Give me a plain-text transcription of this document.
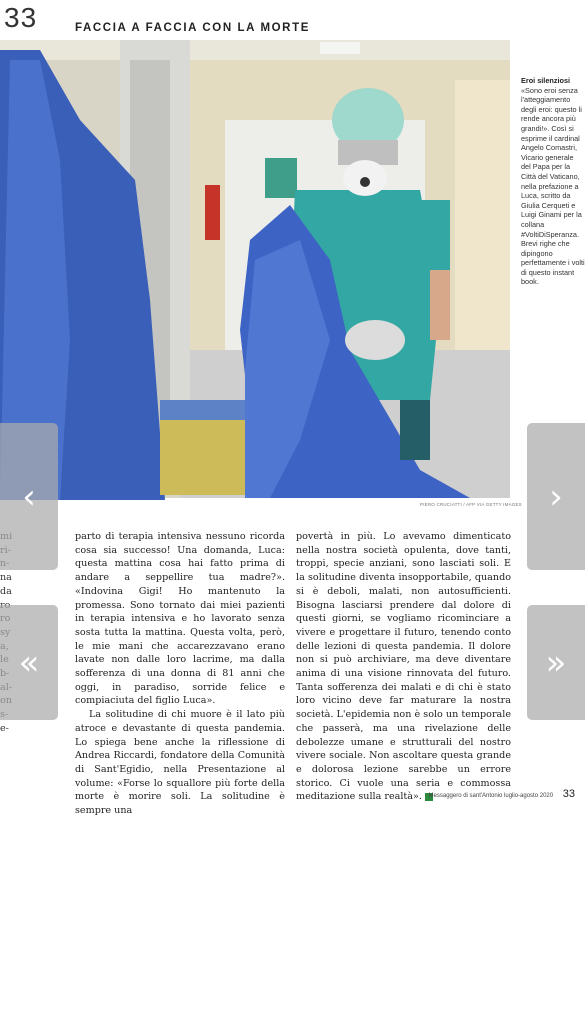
33	FACCIA A FACCIA CON LA MORTE
PIERO CRUCIATTI / AFP VIA GETTY IMAGES

Eroi silenziosi

«Sono eroi senza l'atteggiamento degli eroi: questo li rende ancora più grandi!». Così si esprime il cardinal Angelo Comastri, Vicario generale del Papa per la Città del Vaticano, nella prefazione a Luca, scritto da Giulia Cerqueti e Luigi Ginami per la collana #VoltiDiSperanza. Brevi righe che dipingono perfettamente i volti di questo instant book.

na
da
e-

parto di terapia intensiva nessuno ricorda cosa sia successo! Una domanda, Luca: questa mattina cosa hai fatto prima di andare a seppellire tua madre?». «Indovina Gigi! Ho mantenuto la promessa. Sono tornato dai miei pazienti in terapia intensiva e ho lavorato senza sosta tutta la mattina. Questa volta, però, le mie mani che accarezzavano erano lavate non dalle loro lacrime, ma dalla sofferenza di una donna di 81 anni che oggi, in paradiso, sorride felice e compiaciuta del figlio Luca».

La solitudine di chi muore è il lato più atroce e devastante di questa pandemia. Lo spiega bene anche la riflessione di Andrea Riccardi, fondatore della Comunità di Sant'Egidio, nella Presentazione al volume: «Forse lo squallore più forte della morte è morire soli. La solitudine è sempre una

povertà in più. Lo avevamo dimenticato nella nostra società opulenta, dove tanti, troppi, specie anziani, sono lasciati soli. E la solitudine diventa insopportabile, quando si è deboli, malati, non autosufficienti. Bisogna lasciarsi prendere dal dolore di questi giorni, se vogliamo ricominciare a vivere e progettare il futuro, tenendo conto delle lezioni di questa pandemia. Il dolore non si può archiviare, ma deve diventare anima di una visione rinnovata del futuro. Tanta sofferenza dei malati e di chi è stato loro vicino deve far maturare la nostra società. L'epidemia non è solo un temporale che passerà, ma una rivelazione delle debolezze umane e strutturali del nostro vivere sociale. Non ascoltare questa grande e dolorosa lezione sarebbe un errore storico. Ci vuole una seria e commossa meditazione sulla realtà».	Messaggero di sant'Antonio luglio-agosto 2020 33
‹
«
›
»
